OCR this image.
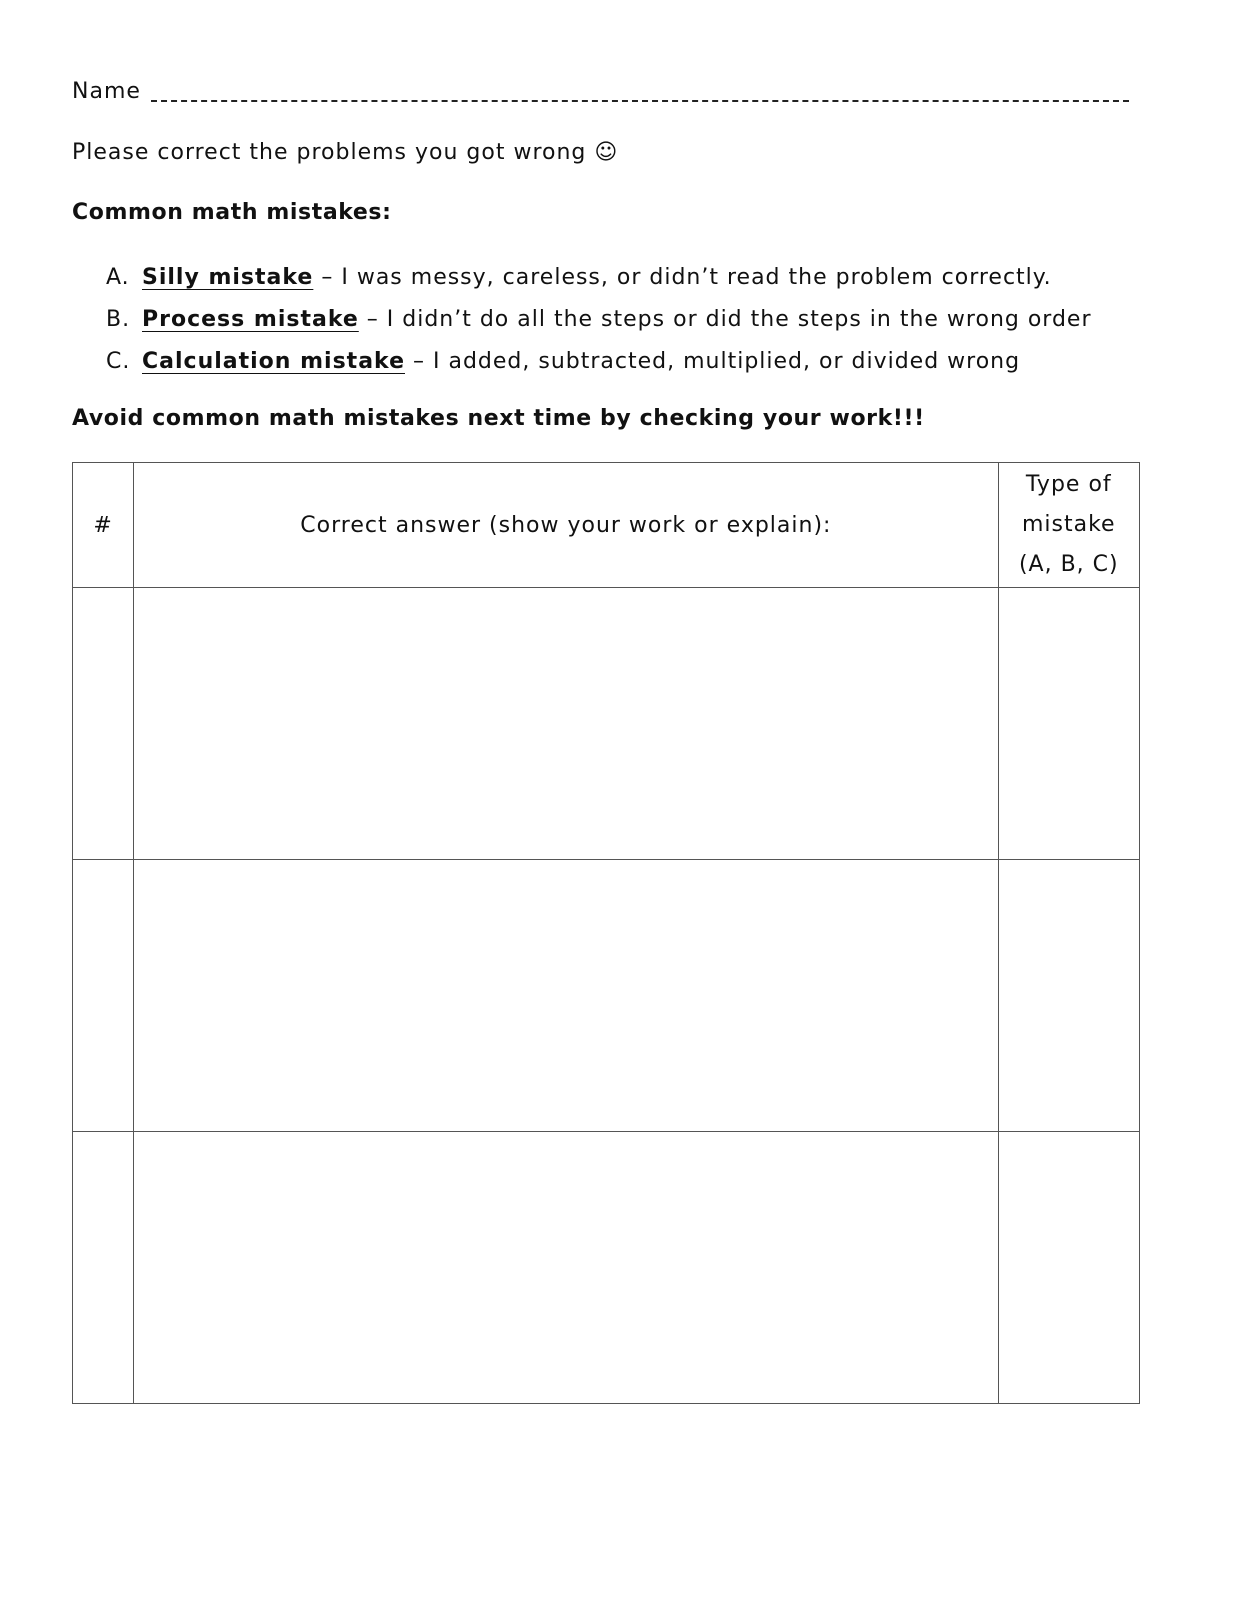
Name
Please correct the problems you got wrong ☺
Common math mistakes:
A. Silly mistake – I was messy, careless, or didn’t read the problem correctly.
B. Process mistake – I didn’t do all the steps or did the steps in the wrong order
C. Calculation mistake – I added, subtracted, multiplied, or divided wrong
Avoid common math mistakes next time by checking your work!!!
#	Correct answer (show your work or explain):	Type of
mistake
(A, B, C)
